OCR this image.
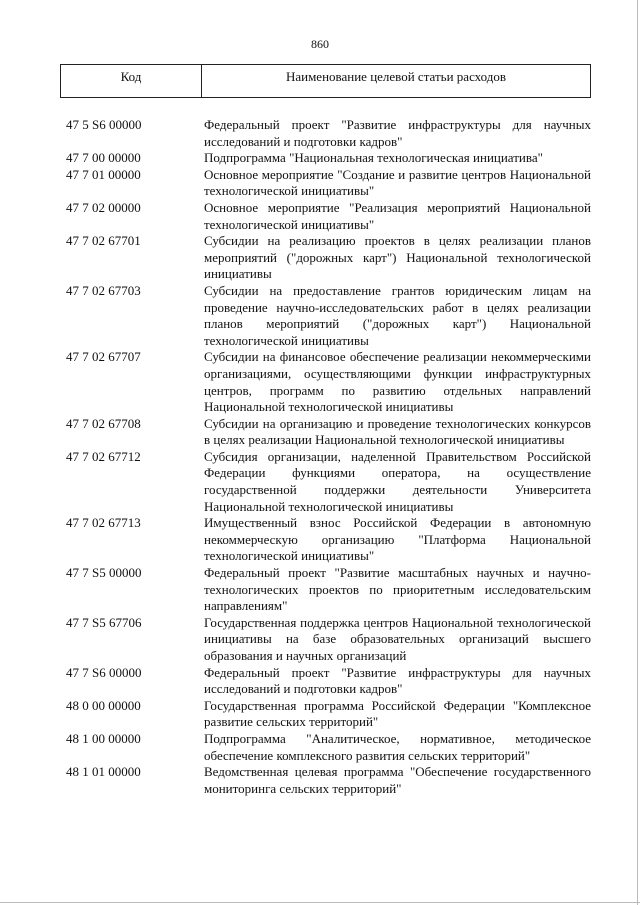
860
Код	Наименование целевой статьи расходов
47 5 S6 00000	Федеральный проект "Развитие инфраструктуры для научных исследований и подготовки кадров"
47 7 00 00000	Подпрограмма "Национальная технологическая инициатива"
47 7 01 00000	Основное мероприятие "Создание и развитие центров Национальной технологической инициативы"
47 7 02 00000	Основное мероприятие "Реализация мероприятий Национальной технологической инициативы"
47 7 02 67701	Субсидии на реализацию проектов в целях реализации планов мероприятий ("дорожных карт") Национальной технологической инициативы
47 7 02 67703	Субсидии на предоставление грантов юридическим лицам на проведение научно-исследовательских работ в целях реализации планов мероприятий ("дорожных карт") Национальной технологической инициативы
47 7 02 67707	Субсидии на финансовое обеспечение реализации некоммерческими организациями, осуществляющими функции инфраструктурных центров, программ по развитию отдельных направлений Национальной технологической инициативы
47 7 02 67708	Субсидии на организацию и проведение технологических конкурсов в целях реализации Национальной технологической инициативы
47 7 02 67712	Субсидия организации, наделенной Правительством Российской Федерации функциями оператора, на осуществление государственной поддержки деятельности Университета Национальной технологической инициативы
47 7 02 67713	Имущественный взнос Российской Федерации в автономную некоммерческую организацию "Платформа Национальной технологической инициативы"
47 7 S5 00000	Федеральный проект "Развитие масштабных научных и научно-технологических проектов по приоритетным исследовательским направлениям"
47 7 S5 67706	Государственная поддержка центров Национальной технологической инициативы на базе образовательных организаций высшего образования и научных организаций
47 7 S6 00000	Федеральный проект "Развитие инфраструктуры для научных исследований и подготовки кадров"
48 0 00 00000	Государственная программа Российской Федерации "Комплексное развитие сельских территорий"
48 1 00 00000	Подпрограмма "Аналитическое, нормативное, методическое обеспечение комплексного развития сельских территорий"
48 1 01 00000	Ведомственная целевая программа "Обеспечение государственного мониторинга сельских территорий"
